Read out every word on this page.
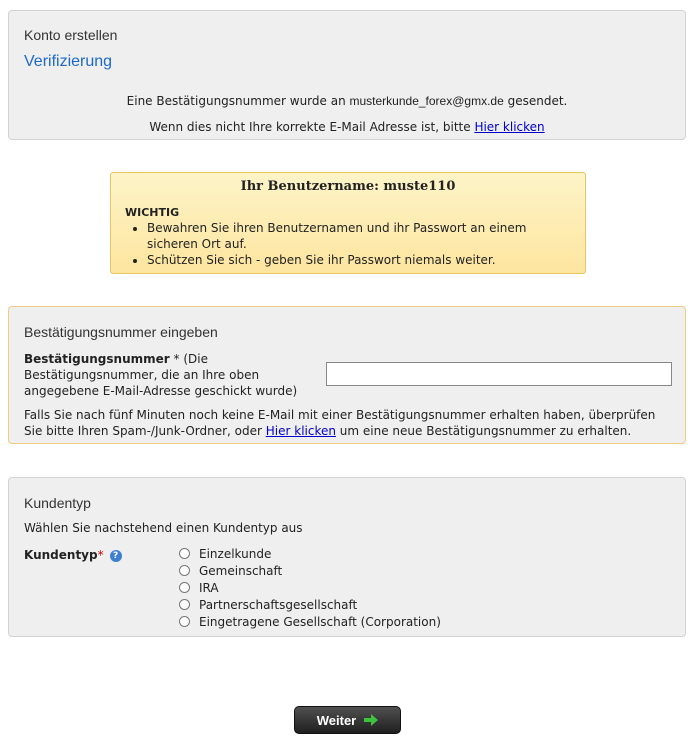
Konto erstellen
Verifizierung
Eine Bestätigungsnummer wurde an musterkunde_forex@gmx.de gesendet.
Wenn dies nicht Ihre korrekte E-Mail Adresse ist, bitte Hier klicken
Ihr Benutzername: muste110
WICHTIG
• Bewahren Sie ihren Benutzernamen und ihr Passwort an einem sicheren Ort auf.
• Schützen Sie sich - geben Sie ihr Passwort niemals weiter.
Bestätigungsnummer eingeben
Bestätigungsnummer * (Die Bestätigungsnummer, die an Ihre oben angegebene E-Mail-Adresse geschickt wurde)
Falls Sie nach fünf Minuten noch keine E-Mail mit einer Bestätigungsnummer erhalten haben, überprüfen Sie bitte Ihren Spam-/Junk-Ordner, oder Hier klicken um eine neue Bestätigungsnummer zu erhalten.
Kundentyp
Wählen Sie nachstehend einen Kundentyp aus
Kundentyp* ?	Einzelkunde
Gemeinschaft
IRA
Partnerschaftsgesellschaft
Eingetragene Gesellschaft (Corporation)
Weiter
